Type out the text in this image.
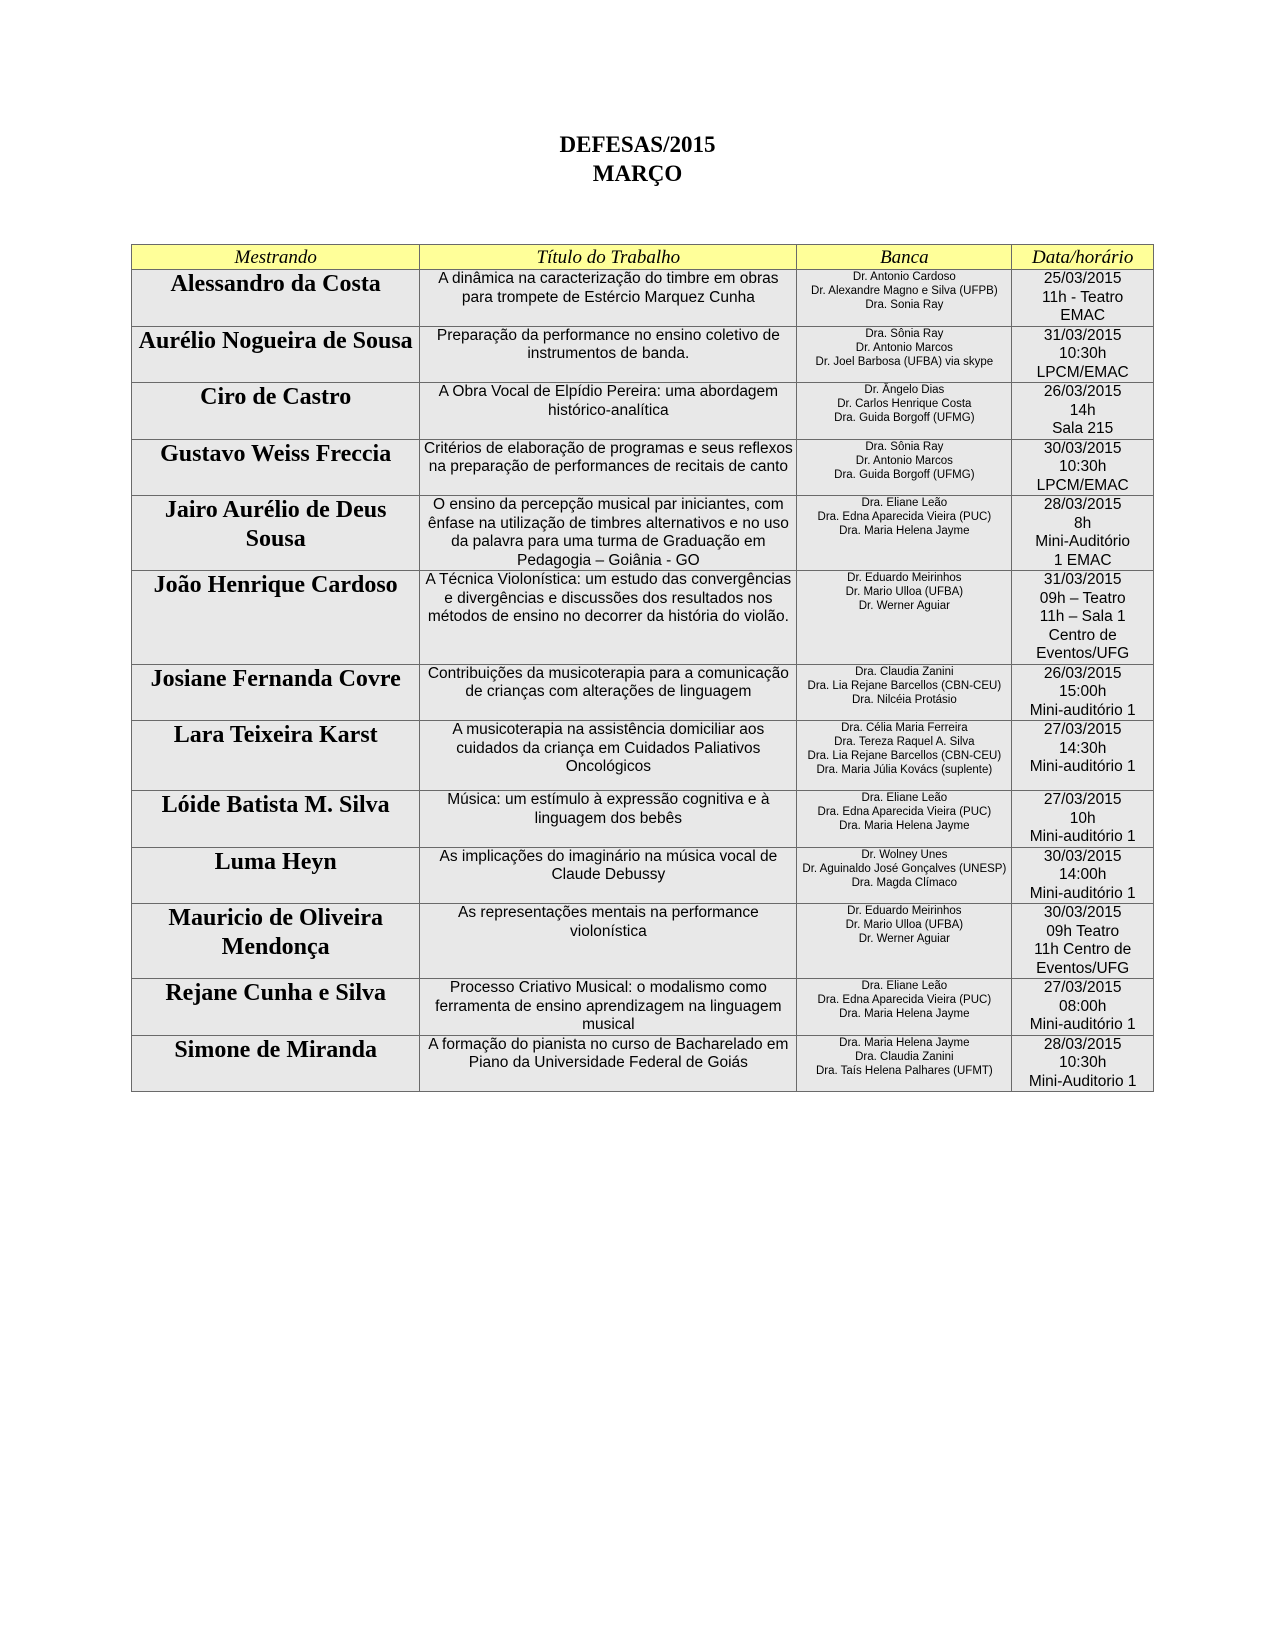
DEFESAS/2015
MARÇO
Mestrando	Título do Trabalho	Banca	Data/horário
Alessandro da Costa	A dinâmica na caracterização do timbre em obras para trompete de Estércio Marquez Cunha	Dr. Antonio Cardoso
Dr. Alexandre Magno e Silva (UFPB)
Dra. Sonia Ray	25/03/2015
11h - Teatro
EMAC

Aurélio Nogueira de Sousa	Preparação da performance no ensino coletivo de instrumentos de banda.	Dra. Sônia Ray
Dr. Antonio Marcos
Dr. Joel Barbosa (UFBA) via skype	31/03/2015
10:30h
LPCM/EMAC

Ciro de Castro	A Obra Vocal de Elpídio Pereira: uma abordagem histórico-analítica	Dr. Ângelo Dias
Dr. Carlos Henrique Costa
Dra. Guida Borgoff (UFMG)	26/03/2015
14h
Sala 215

Gustavo Weiss Freccia	Critérios de elaboração de programas e seus reflexos na preparação de performances de recitais de canto	Dra. Sônia Ray
Dr. Antonio Marcos
Dra. Guida Borgoff (UFMG)	30/03/2015
10:30h
LPCM/EMAC

Jairo Aurélio de Deus Sousa	O ensino da percepção musical par iniciantes, com ênfase na utilização de timbres alternativos e no uso da palavra para uma turma de Graduação em Pedagogia – Goiânia - GO	Dra. Eliane Leão
Dra. Edna Aparecida Vieira (PUC)
Dra. Maria Helena Jayme	28/03/2015
8h
Mini-Auditório
1 EMAC

João Henrique Cardoso	A Técnica Violonística: um estudo das convergências e divergências e discussões dos resultados nos métodos de ensino no decorrer da história do violão.	Dr. Eduardo Meirinhos
Dr. Mario Ulloa (UFBA)
Dr. Werner Aguiar	31/03/2015
09h – Teatro
11h – Sala 1
Centro de
Eventos/UFG

Josiane Fernanda Covre	Contribuições da musicoterapia para a comunicação de crianças com alterações de linguagem	Dra. Claudia Zanini
Dra. Lia Rejane Barcellos (CBN-CEU)
Dra. Nilcéia Protásio	26/03/2015
15:00h
Mini-auditório 1

Lara Teixeira Karst	A musicoterapia na assistência domiciliar aos cuidados da criança em Cuidados Paliativos Oncológicos	Dra. Célia Maria Ferreira
Dra. Tereza Raquel A. Silva
Dra. Lia Rejane Barcellos (CBN-CEU)
Dra. Maria Júlia Kovács (suplente)	27/03/2015
14:30h
Mini-auditório 1

Lóide Batista M. Silva	Música: um estímulo à expressão cognitiva e à linguagem dos bebês	Dra. Eliane Leão
Dra. Edna Aparecida Vieira (PUC)
Dra. Maria Helena Jayme	27/03/2015
10h
Mini-auditório 1

Luma Heyn	As implicações do imaginário na música vocal de Claude Debussy	Dr. Wolney Unes
Dr. Aguinaldo José Gonçalves (UNESP)
Dra. Magda Clímaco	30/03/2015
14:00h
Mini-auditório 1

Mauricio de Oliveira Mendonça	As representações mentais na performance violonística	Dr. Eduardo Meirinhos
Dr. Mario Ulloa (UFBA)
Dr. Werner Aguiar	30/03/2015
09h Teatro
11h Centro de
Eventos/UFG

Rejane Cunha e Silva	Processo Criativo Musical: o modalismo como ferramenta de ensino aprendizagem na linguagem musical	Dra. Eliane Leão
Dra. Edna Aparecida Vieira (PUC)
Dra. Maria Helena Jayme	27/03/2015
08:00h
Mini-auditório 1

Simone de Miranda	A formação do pianista no curso de Bacharelado em Piano da Universidade Federal de Goiás	Dra. Maria Helena Jayme
Dra. Claudia Zanini
Dra. Taís Helena Palhares (UFMT)	28/03/2015
10:30h
Mini-Auditorio 1
